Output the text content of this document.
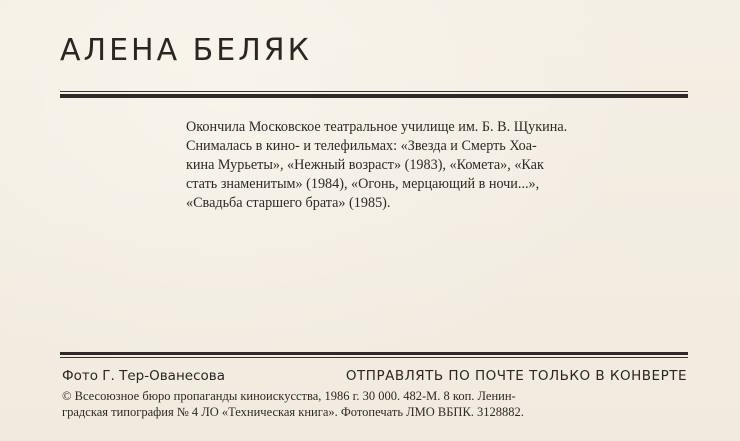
АЛЕНА БЕЛЯК

Окончила Московское театральное училище им. Б. В. Щукина.

Снималась в кино- и телефильмах: «Звезда и Смерть Хоа-

кина Мурьеты», «Нежный возраст» (1983), «Комета», «Как

стать знаменитым» (1984), «Огонь, мерцающий в ночи...»,

«Свадьба старшего брата» (1985).

Фото Г. Тер-Ованесова	ОТПРАВЛЯТЬ ПО ПОЧТЕ ТОЛЬКО В КОНВЕРТЕ
© Всесоюзное бюро пропаганды киноискусства, 1986 г. 30 000. 482-М. 8 коп. Ленин-
градская типография № 4 ЛО «Техническая книга». Фотопечать ЛМО ВБПК. 3128882.
